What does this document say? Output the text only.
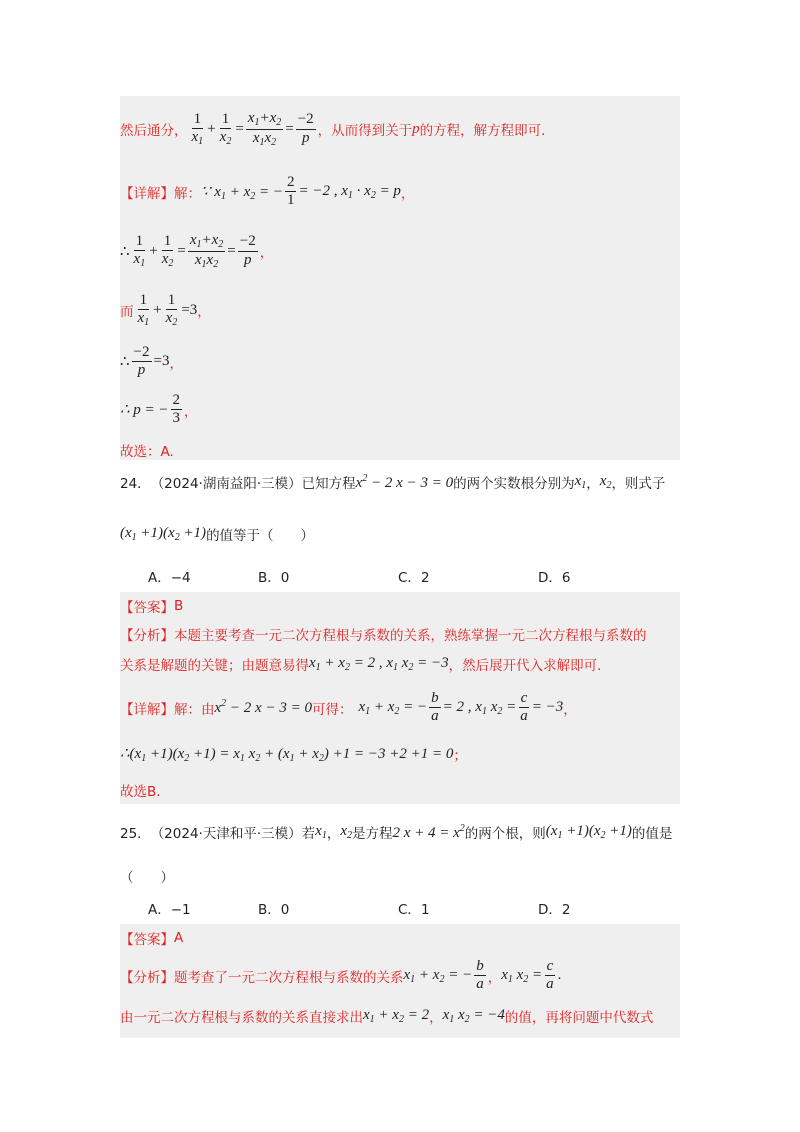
然后通分， $\frac{1}{x_1} + \frac{1}{x_2} = \frac{x_1+x_2}{x_1x_2} = \frac{-2}{p}$ ，从而得到关于 p 的方程，解方程即可.
【详解】 解： ∵ $x_1 + x_2$ = − $\frac{2}{1} = -2$ , $x_1 \cdot x_2 = p$ ，
∴ $\frac{1}{x_1} + \frac{1}{x_2} = \frac{x_1+x_2}{x_1x_2} = \frac{-2}{p}$ ，
而 $\frac{1}{x_1} + \frac{1}{x_2} =3$ ，
∴ $\frac{-2}{p} =3$ ，
∴ p = − $\frac{2}{3}$ ，
故选：A.
24． （2024·湖南益阳·三模） 已知方程 $x^2 - 2$ x − 3 = 0 的两个实数根分别为 $x_1$ ， $x_2$ ，则式子
$(x_1 +1)(x_2 +1)$ 的值等于（　　）
A．−4	B．0	C．2	D．6
【答案】 B
【分析】 本题主要考查一元二次方程根与系数的关系，熟练掌握一元二次方程根与系数的
关系是解题的关键；由题意易得 $x_1 + x_2 = 2$ , $x_1$ $x_2 = -3$ ，然后展开代入求解即可.
【详解】 解：由 $x^2 - 2$ x − 3 = 0 可得： $x_1 + x_2$ = − $\frac{b}{a} = 2$ , $x_1$ $x_2 = \frac{c}{a} = -3$ ，
$\therefore(x_1 +1)(x_2 +1) = x_1$ $x_2 + (x_1 + x_2) +1 = -3 +2 +1 = 0$ ；
故选B.
25． （2024·天津和平·三模） 若 $x_1$ ， $x_2$ 是方程 2 $x + 4 = x^2$ 的两个根，则 $(x_1 +1)(x_2 +1)$ 的值是
（　　）
A．−1	B．0	C．1	D．2
【答案】 A
【分析】 题考查了一元二次方程根与系数的关系 $x_1 + x_2$ = − $\frac{b}{a}$ ， $x_1$ $x_2 = \frac{c}{a}$ .
由一元二次方程根与系数的关系直接求出 $x_1 + x_2 = 2$ ， $x_1$ $x_2 = -4$ 的值，再将问题中代数式
